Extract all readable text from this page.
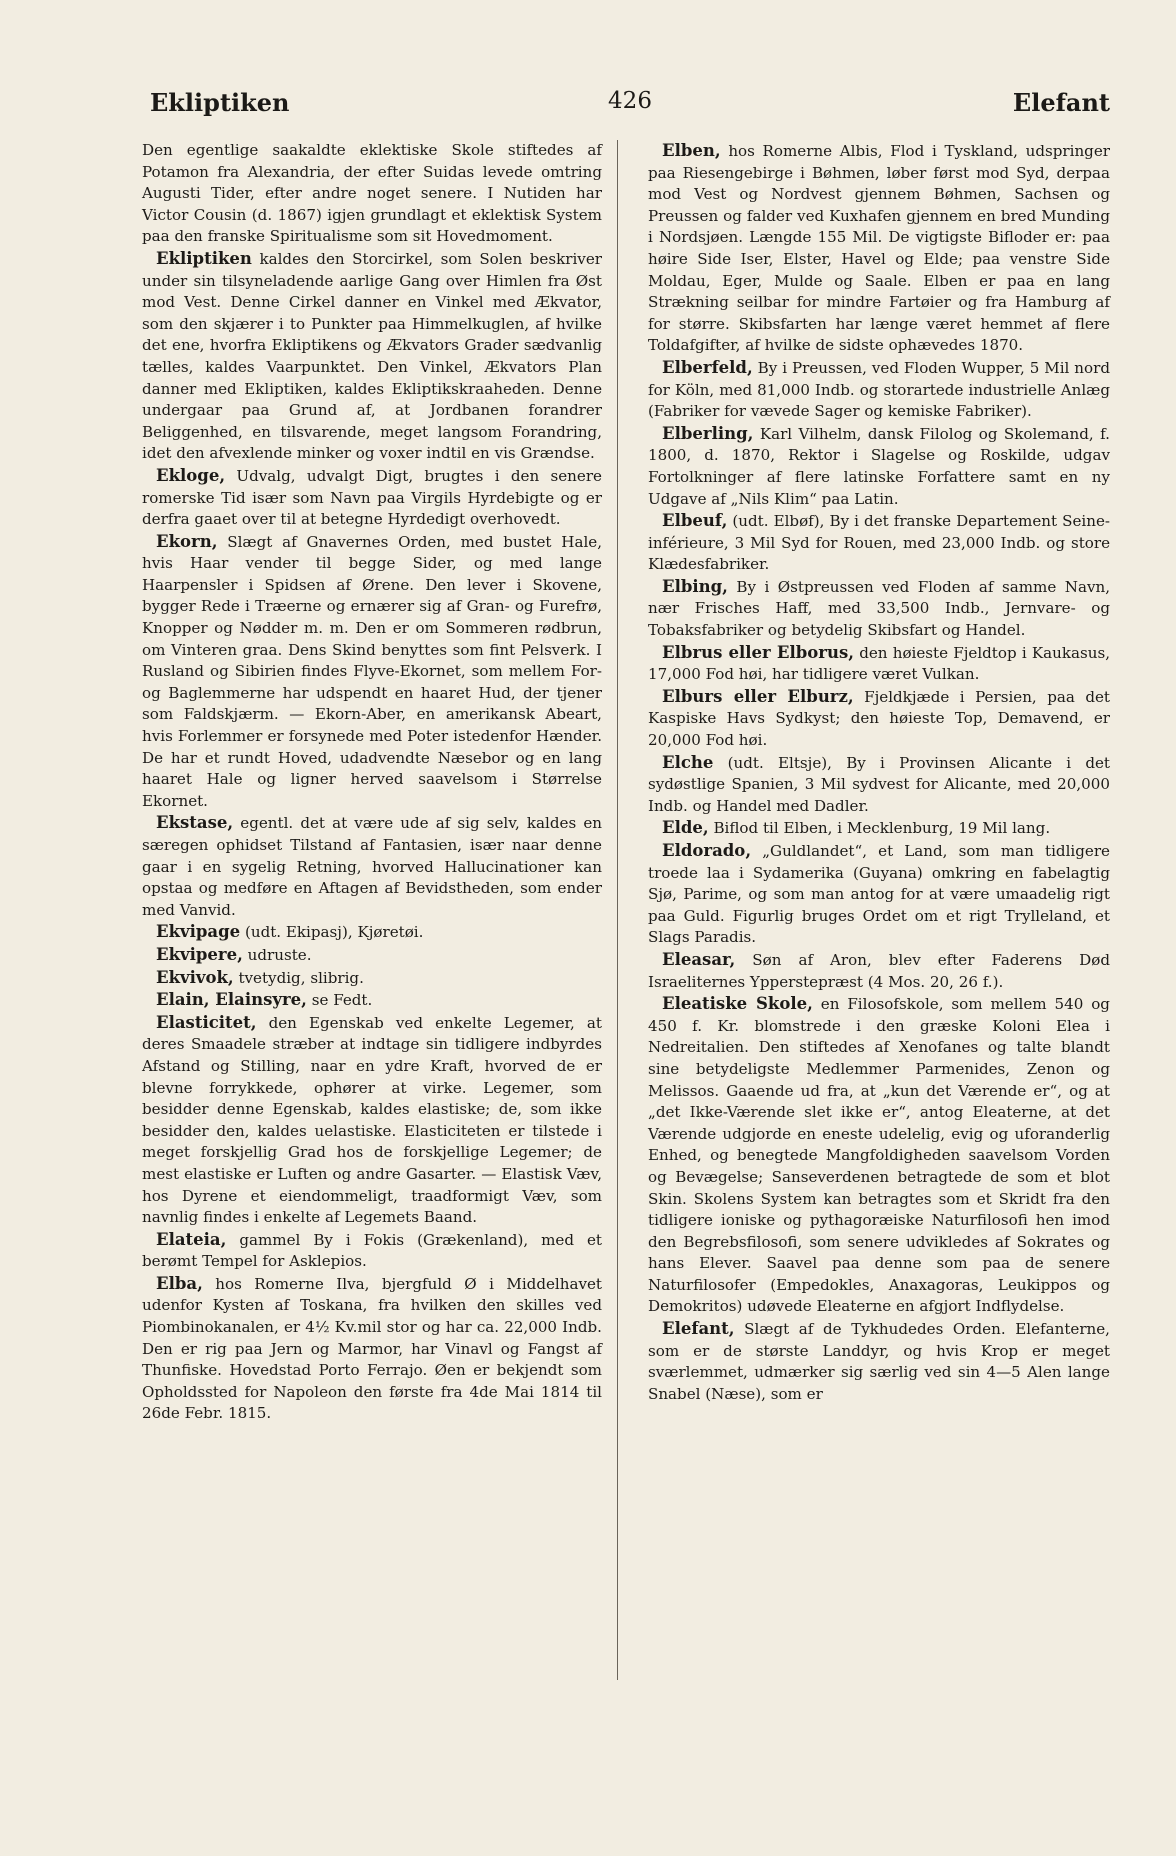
Ekliptiken	426	Elefant

Den egentlige saakaldte eklektiske Skole stiftedes af Potamon fra Alexandria, der efter Suidas levede omtring Augusti Tider, efter andre noget senere. I Nutiden har Victor Cousin (d. 1867) igjen grundlagt et eklektisk System paa den franske Spiritualisme som sit Hovedmoment.

Ekliptiken kaldes den Storcirkel, som Solen beskriver under sin tilsyneladende aarlige Gang over Himlen fra Øst mod Vest. Denne Cirkel danner en Vinkel med Ækvator, som den skjærer i to Punkter paa Himmelkuglen, af hvilke det ene, hvorfra Ekliptikens og Ækvators Grader sædvanlig tælles, kaldes Vaarpunktet. Den Vinkel, Ækvators Plan danner med Ekliptiken, kaldes Ekliptikskraaheden. Denne undergaar paa Grund af, at Jordbanen forandrer Beliggenhed, en tilsvarende, meget langsom Forandring, idet den afvexlende minker og voxer indtil en vis Grændse.

Ekloge, Udvalg, udvalgt Digt, brugtes i den senere romerske Tid især som Navn paa Virgils Hyrdebigte og er derfra gaaet over til at betegne Hyrdedigt overhovedt.

Ekorn, Slægt af Gnavernes Orden, med bustet Hale, hvis Haar vender til begge Sider, og med lange Haarpensler i Spidsen af Ørene. Den lever i Skovene, bygger Rede i Træerne og ernærer sig af Gran- og Furefrø, Knopper og Nødder m. m. Den er om Sommeren rødbrun, om Vinteren graa. Dens Skind benyttes som fint Pelsverk. I Rusland og Sibirien findes Flyve-Ekornet, som mellem For- og Baglemmerne har udspendt en haaret Hud, der tjener som Faldskjærm. — Ekorn-Aber, en amerikansk Abeart, hvis Forlemmer er forsynede med Poter istedenfor Hænder. De har et rundt Hoved, udadvendte Næsebor og en lang haaret Hale og ligner herved saavelsom i Størrelse Ekornet.

Ekstase, egentl. det at være ude af sig selv, kaldes en særegen ophidset Tilstand af Fantasien, især naar denne gaar i en sygelig Retning, hvorved Hallucinationer kan opstaa og medføre en Aftagen af Bevidstheden, som ender med Vanvid.

Ekvipage (udt. Ekipasj), Kjøretøi.

Ekvipere, udruste.

Ekvivok, tvetydig, slibrig.

Elain, Elainsyre, se Fedt.

Elasticitet, den Egenskab ved enkelte Legemer, at deres Smaadele stræber at indtage sin tidligere indbyrdes Afstand og Stilling, naar en ydre Kraft, hvorved de er blevne forrykkede, ophører at virke. Legemer, som besidder denne Egenskab, kaldes elastiske; de, som ikke besidder den, kaldes uelastiske. Elasticiteten er tilstede i meget forskjellig Grad hos de forskjellige Legemer; de mest elastiske er Luften og andre Gasarter. — Elastisk Væv, hos Dyrene et eiendommeligt, traadformigt Væv, som navnlig findes i enkelte af Legemets Baand.

Elateia, gammel By i Fokis (Grækenland), med et berømt Tempel for Asklepios.

Elba, hos Romerne Ilva, bjergfuld Ø i Middelhavet udenfor Kysten af Toskana, fra hvilken den skilles ved Piombinokanalen, er 4½ Kv.mil stor og har ca. 22,000 Indb. Den er rig paa Jern og Marmor, har Vinavl og Fangst af Thunfiske. Hovedstad Porto Ferrajo. Øen er bekjendt som Opholdssted for Napoleon den første fra 4de Mai 1814 til 26de Febr. 1815.

Elben, hos Romerne Albis, Flod i Tyskland, udspringer paa Riesengebirge i Bøhmen, løber først mod Syd, derpaa mod Vest og Nordvest gjennem Bøhmen, Sachsen og Preussen og falder ved Kuxhafen gjennem en bred Munding i Nordsjøen. Længde 155 Mil. De vigtigste Bifloder er: paa høire Side Iser, Elster, Havel og Elde; paa venstre Side Moldau, Eger, Mulde og Saale. Elben er paa en lang Strækning seilbar for mindre Fartøier og fra Hamburg af for større. Skibsfarten har længe været hemmet af flere Toldafgifter, af hvilke de sidste ophævedes 1870.

Elberfeld, By i Preussen, ved Floden Wupper, 5 Mil nord for Köln, med 81,000 Indb. og storartede industrielle Anlæg (Fabriker for vævede Sager og kemiske Fabriker).

Elberling, Karl Vilhelm, dansk Filolog og Skolemand, f. 1800, d. 1870, Rektor i Slagelse og Roskilde, udgav Fortolkninger af flere latinske Forfattere samt en ny Udgave af „Nils Klim“ paa Latin.

Elbeuf, (udt. Elbøf), By i det franske Departement Seine-inférieure, 3 Mil Syd for Rouen, med 23,000 Indb. og store Klædesfabriker.

Elbing, By i Østpreussen ved Floden af samme Navn, nær Frisches Haff, med 33,500 Indb., Jernvare- og Tobaksfabriker og betydelig Skibsfart og Handel.

Elbrus eller Elborus, den høieste Fjeldtop i Kaukasus, 17,000 Fod høi, har tidligere været Vulkan.

Elburs eller Elburz, Fjeldkjæde i Persien, paa det Kaspiske Havs Sydkyst; den høieste Top, Demavend, er 20,000 Fod høi.

Elche (udt. Eltsje), By i Provinsen Alicante i det sydøstlige Spanien, 3 Mil sydvest for Alicante, med 20,000 Indb. og Handel med Dadler.

Elde, Biflod til Elben, i Mecklenburg, 19 Mil lang.

Eldorado, „Guldlandet“, et Land, som man tidligere troede laa i Sydamerika (Guyana) omkring en fabelagtig Sjø, Parime, og som man antog for at være umaadelig rigt paa Guld. Figurlig bruges Ordet om et rigt Trylleland, et Slags Paradis.

Eleasar, Søn af Aron, blev efter Faderens Død Israeliternes Ypperstepræst (4 Mos. 20, 26 f.).

Eleatiske Skole, en Filosofskole, som mellem 540 og 450 f. Kr. blomstrede i den græske Koloni Elea i Nedreitalien. Den stiftedes af Xenofanes og talte blandt sine betydeligste Medlemmer Parmenides, Zenon og Melissos. Gaaende ud fra, at „kun det Værende er“, og at „det Ikke-Værende slet ikke er“, antog Eleaterne, at det Værende udgjorde en eneste udelelig, evig og uforanderlig Enhed, og benegtede Mangfoldigheden saavelsom Vorden og Bevægelse; Sanseverdenen betragtede de som et blot Skin. Skolens System kan betragtes som et Skridt fra den tidligere ioniske og pythagoræiske Naturfilosofi hen imod den Begrebsfilosofi, som senere udvikledes af Sokrates og hans Elever. Saavel paa denne som paa de senere Naturfilosofer (Empedokles, Anaxagoras, Leukippos og Demokritos) udøvede Eleaterne en afgjort Indflydelse.

Elefant, Slægt af de Tykhudedes Orden. Elefanterne, som er de største Landdyr, og hvis Krop er meget sværlemmet, udmærker sig særlig ved sin 4—5 Alen lange Snabel (Næse), som er
